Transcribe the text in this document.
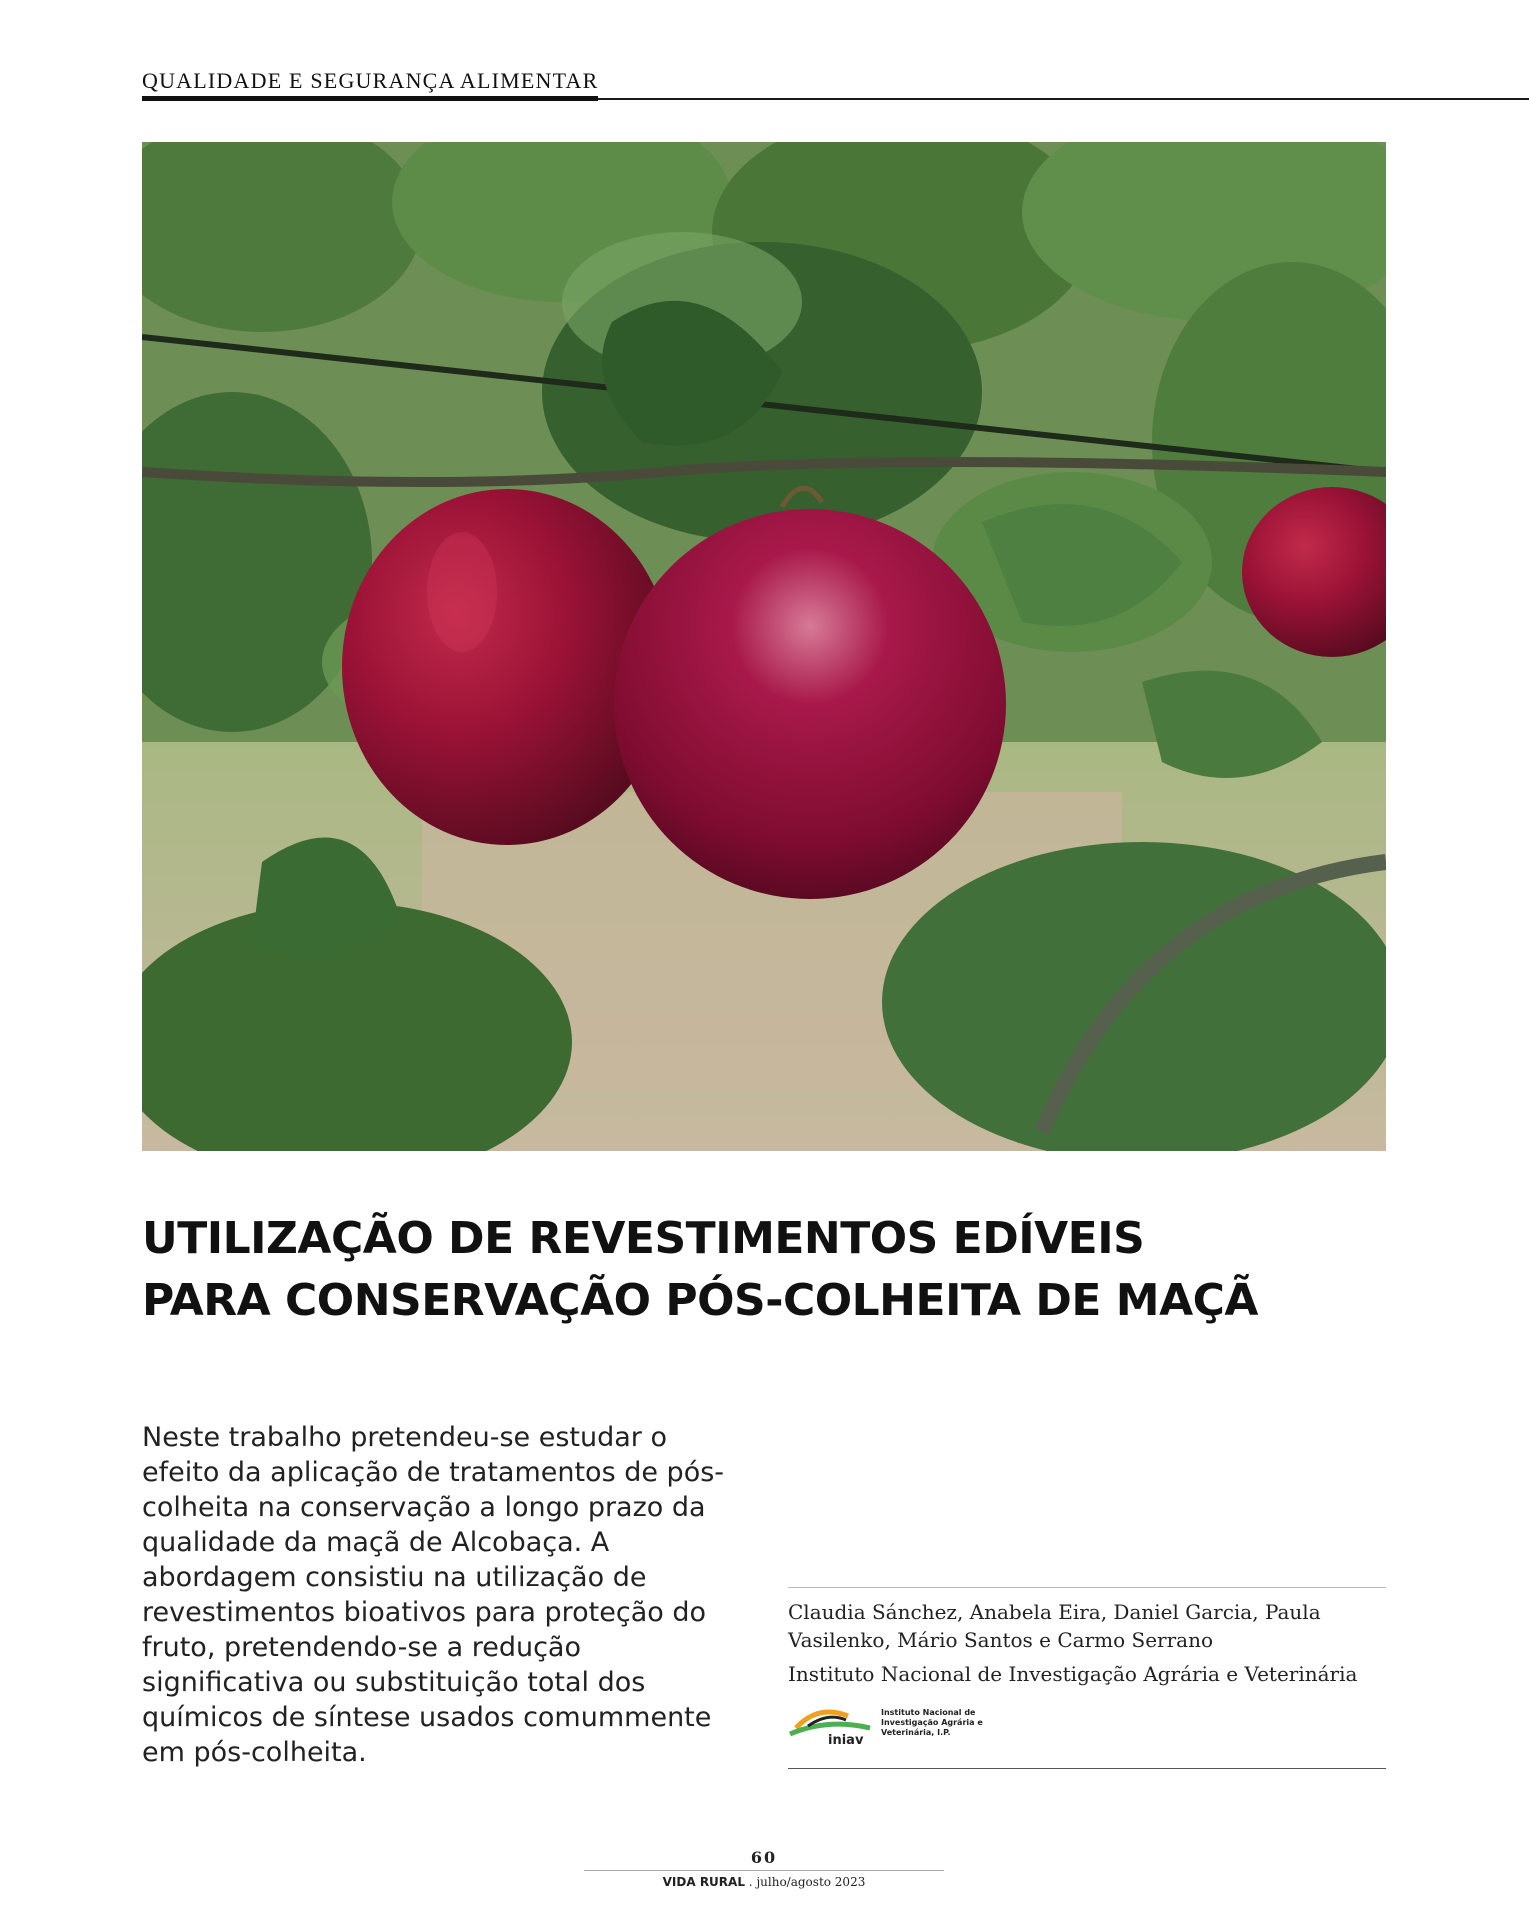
QUALIDADE E SEGURANÇA ALIMENTAR
UTILIZAÇÃO DE REVESTIMENTOS EDÍVEIS
PARA CONSERVAÇÃO PÓS-COLHEITA DE MAÇÃ

Neste trabalho pretendeu-se estudar o efeito da aplicação de tratamentos de pós-colheita na conservação a longo prazo da qualidade da maçã de Alcobaça. A abordagem consistiu na utilização de revestimentos bioativos para proteção do fruto, pretendendo-se a redução significativa ou substituição total dos químicos de síntese usados comummente em pós-colheita.

Claudia Sánchez, Anabela Eira, Daniel Garcia, Paula Vasilenko, Mário Santos e Carmo Serrano

Instituto Nacional de Investigação Agrária e Veterinária

iniav
Instituto Nacional de Investigação Agrária e Veterinária, I.P.
60
VIDA RURAL . julho/agosto 2023
